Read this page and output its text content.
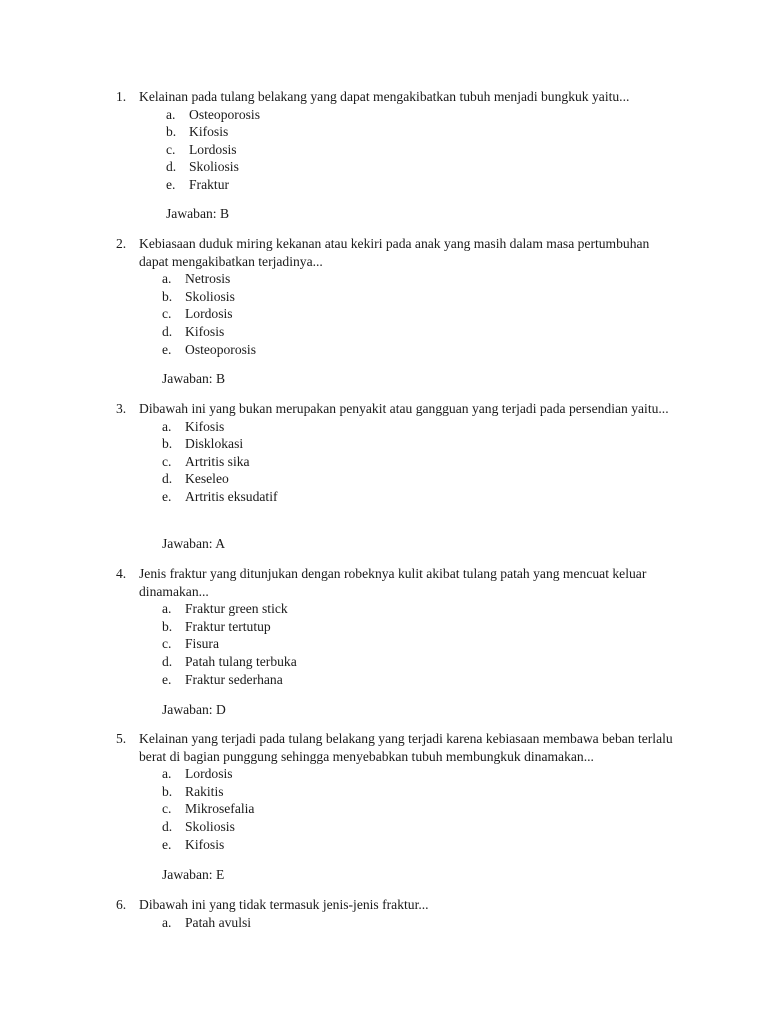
1. Kelainan pada tulang belakang yang dapat mengakibatkan tubuh menjadi bungkuk yaitu...
a. Osteoporosis
b. Kifosis
c. Lordosis
d. Skoliosis
e. Fraktur
Jawaban: B
2. Kebiasaan duduk miring kekanan atau kekiri pada anak yang masih dalam masa pertumbuhan dapat mengakibatkan terjadinya...
a. Netrosis
b. Skoliosis
c. Lordosis
d. Kifosis
e. Osteoporosis
Jawaban: B
3. Dibawah ini yang bukan merupakan penyakit atau gangguan yang terjadi pada persendian yaitu...
a. Kifosis
b. Disklokasi
c. Artritis sika
d. Keseleo
e. Artritis eksudatif
Jawaban: A
4. Jenis fraktur yang ditunjukan dengan robeknya kulit akibat tulang patah yang mencuat keluar dinamakan...
a. Fraktur green stick
b. Fraktur tertutup
c. Fisura
d. Patah tulang terbuka
e. Fraktur sederhana
Jawaban: D
5. Kelainan yang terjadi pada tulang belakang yang terjadi karena kebiasaan membawa beban terlalu berat di bagian punggung sehingga menyebabkan tubuh membungkuk dinamakan...
a. Lordosis
b. Rakitis
c. Mikrosefalia
d. Skoliosis
e. Kifosis
Jawaban: E
6. Dibawah ini yang tidak termasuk jenis-jenis fraktur...
a. Patah avulsi
